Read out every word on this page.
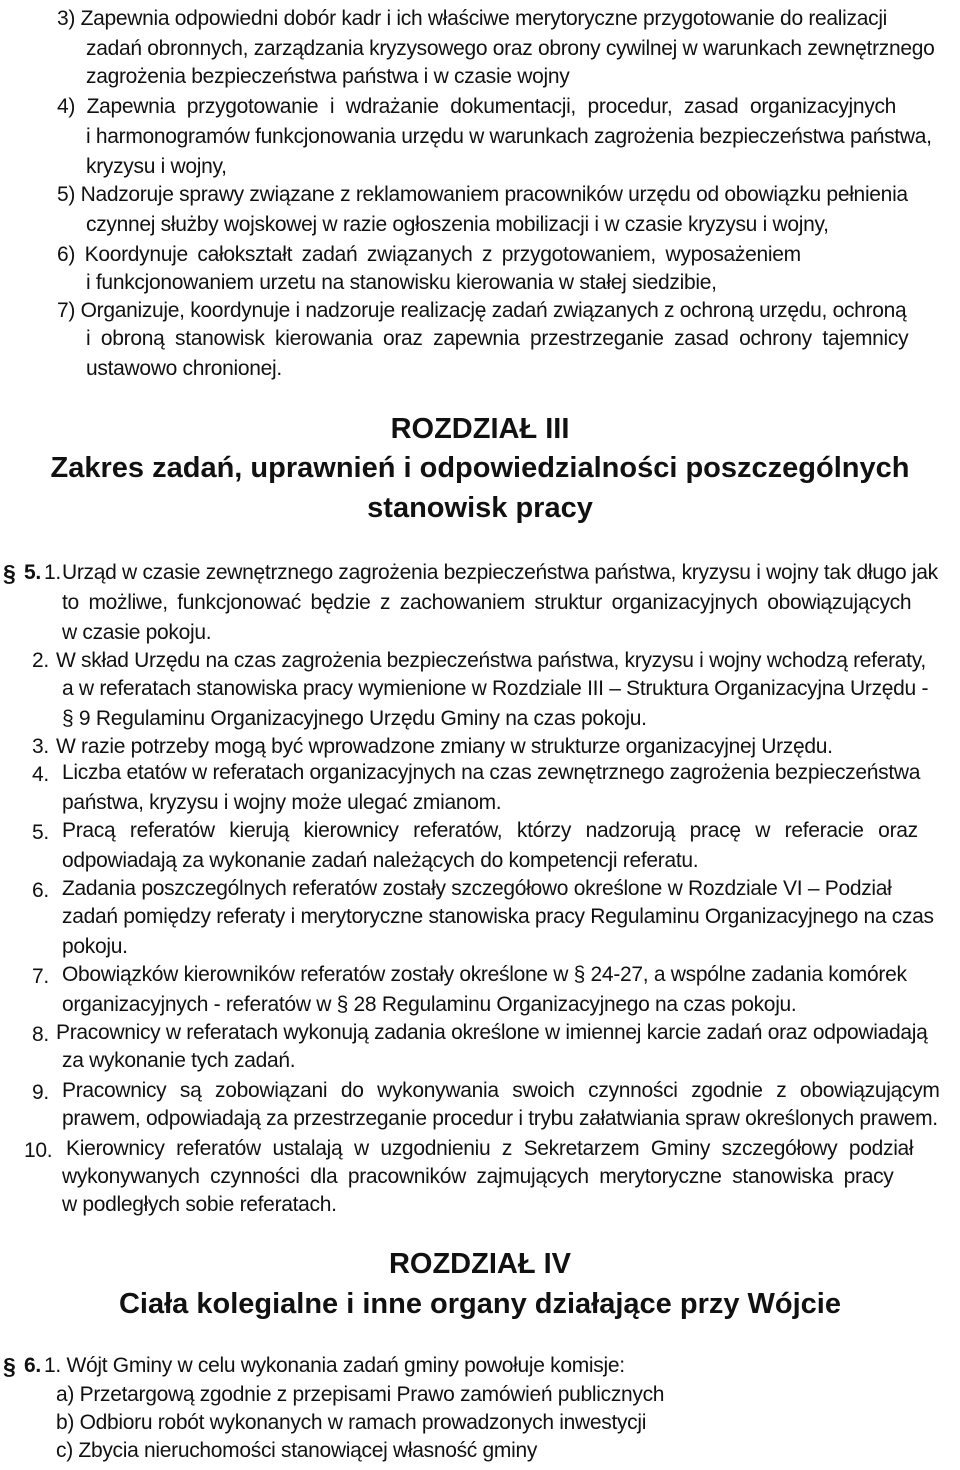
3) Zapewnia odpowiedni dobór kadr i ich właściwe merytoryczne przygotowanie do realizacji
zadań obronnych, zarządzania kryzysowego oraz obrony cywilnej w warunkach zewnętrznego
zagrożenia bezpieczeństwa państwa i w czasie wojny
4) Zapewnia przygotowanie i wdrażanie dokumentacji, procedur, zasad organizacyjnych
i harmonogramów funkcjonowania urzędu w warunkach zagrożenia bezpieczeństwa państwa,
kryzysu i wojny,
5) Nadzoruje sprawy związane z reklamowaniem pracowników urzędu od obowiązku pełnienia
czynnej służby wojskowej w razie ogłoszenia mobilizacji i w czasie kryzysu i wojny,
6) Koordynuje całokształt zadań związanych z przygotowaniem, wyposażeniem
i funkcjonowaniem urzetu na stanowisku kierowania w stałej siedzibie,
7) Organizuje, koordynuje i nadzoruje realizację zadań związanych z ochroną urzędu, ochroną
i obroną stanowisk kierowania oraz zapewnia przestrzeganie zasad ochrony tajemnicy
ustawowo chronionej.
ROZDZIAŁ III
Zakres zadań, uprawnień i odpowiedzialności poszczególnych
stanowisk pracy
§ 5. 1. Urząd w czasie zewnętrznego zagrożenia bezpieczeństwa państwa, kryzysu i wojny tak długo jak
to możliwe, funkcjonować będzie z zachowaniem struktur organizacyjnych obowiązujących
w czasie pokoju.
2. W skład Urzędu na czas zagrożenia bezpieczeństwa państwa, kryzysu i wojny wchodzą referaty,
a w referatach stanowiska pracy wymienione w Rozdziale III – Struktura Organizacyjna Urzędu -
§ 9 Regulaminu Organizacyjnego Urzędu Gminy na czas pokoju.
3. W razie potrzeby mogą być wprowadzone zmiany w strukturze organizacyjnej Urzędu.
4. Liczba etatów w referatach organizacyjnych na czas zewnętrznego zagrożenia bezpieczeństwa
państwa, kryzysu i wojny może ulegać zmianom.
5. Pracą referatów kierują kierownicy referatów, którzy nadzorują pracę w referacie oraz
odpowiadają za wykonanie zadań należących do kompetencji referatu.
6. Zadania poszczególnych referatów zostały szczegółowo określone w Rozdziale VI – Podział
zadań pomiędzy referaty i merytoryczne stanowiska pracy Regulaminu Organizacyjnego na czas
pokoju.
7. Obowiązków kierowników referatów zostały określone w § 24-27, a wspólne zadania komórek
organizacyjnych - referatów w § 28 Regulaminu Organizacyjnego na czas pokoju.
8. Pracownicy w referatach wykonują zadania określone w imiennej karcie zadań oraz odpowiadają
za wykonanie tych zadań.
9. Pracownicy są zobowiązani do wykonywania swoich czynności zgodnie z obowiązującym
prawem, odpowiadają za przestrzeganie procedur i trybu załatwiania spraw określonych prawem.
10. Kierownicy referatów ustalają w uzgodnieniu z Sekretarzem Gminy szczegółowy podział
wykonywanych czynności dla pracowników zajmujących merytoryczne stanowiska pracy
w podległych sobie referatach.
ROZDZIAŁ IV
Ciała kolegialne i inne organy działające przy Wójcie
§ 6. 1. Wójt Gminy w celu wykonania zadań gminy powołuje komisje:
a) Przetargową zgodnie z przepisami Prawo zamówień publicznych
b) Odbioru robót wykonanych w ramach prowadzonych inwestycji
c) Zbycia nieruchomości stanowiącej własność gminy
